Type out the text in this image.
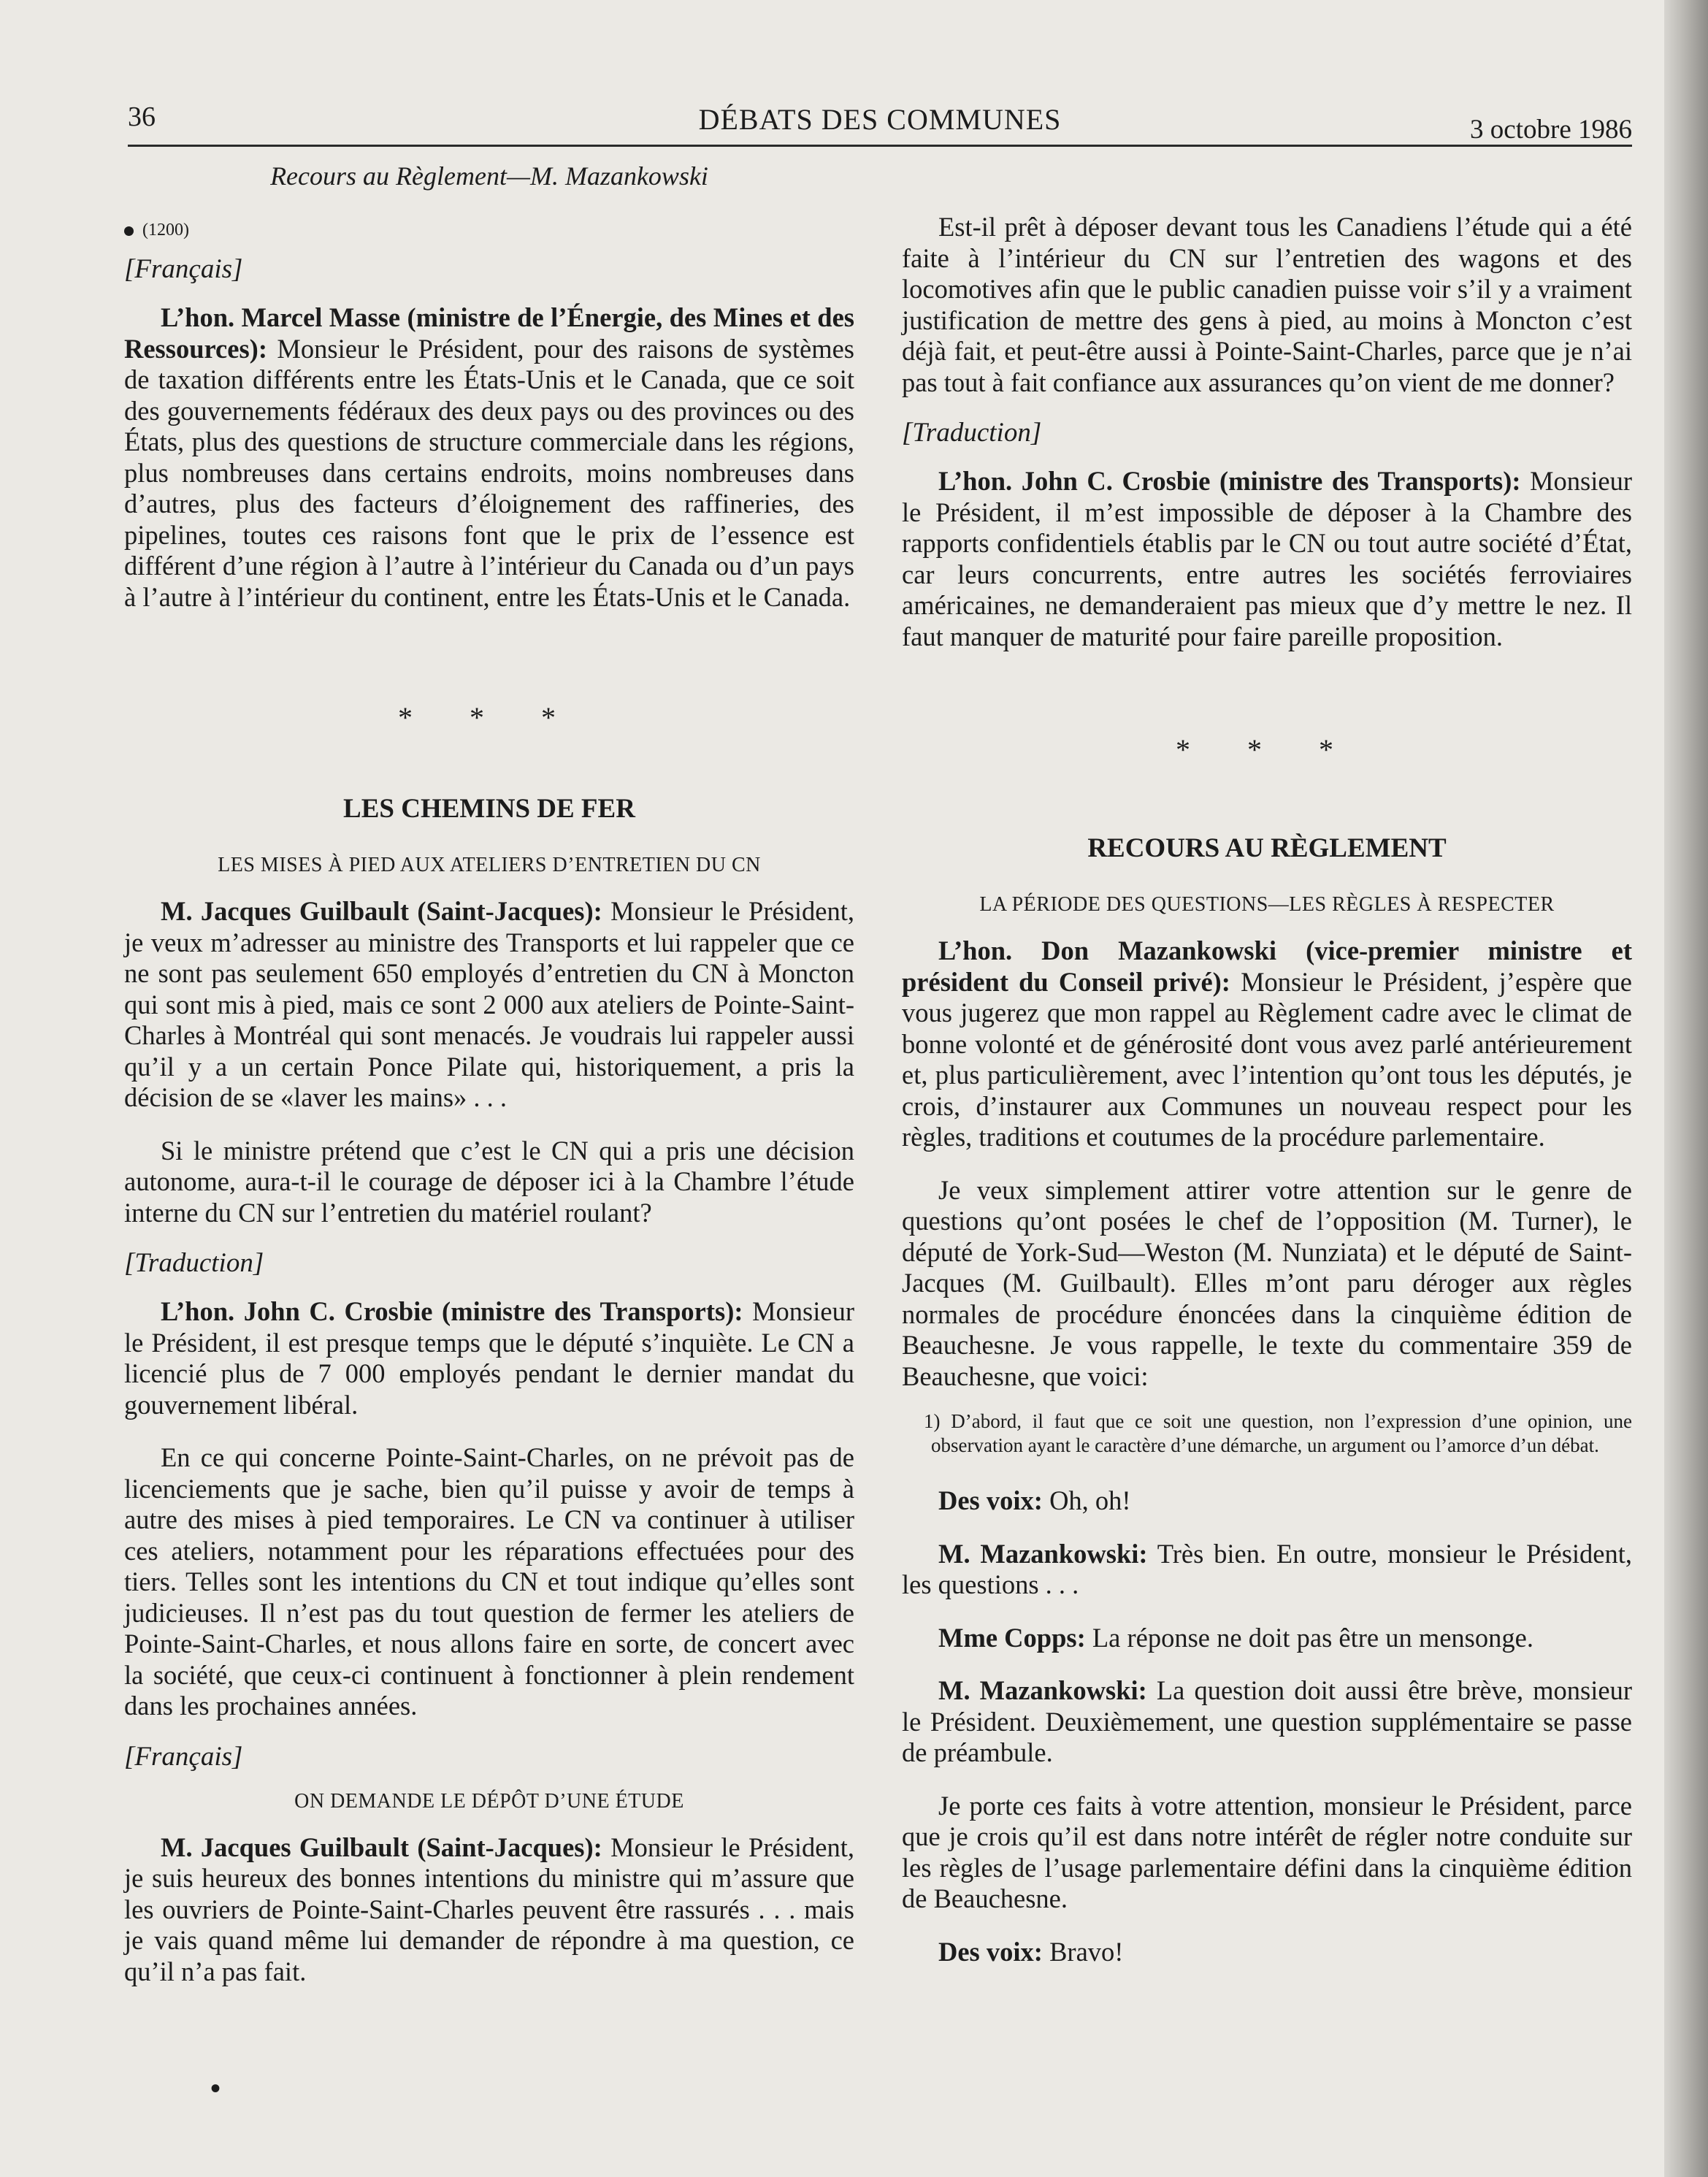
36	DÉBATS DES COMMUNES	3 octobre 1986
Recours au Règlement—M. Mazankowski
(1200)
[Français]

L’hon. Marcel Masse (ministre de l’Énergie, des Mines et des Ressources): Monsieur le Président, pour des raisons de systèmes de taxation différents entre les États-Unis et le Canada, que ce soit des gouvernements fédéraux des deux pays ou des provinces ou des États, plus des questions de structure commerciale dans les régions, plus nombreuses dans certains endroits, moins nombreuses dans d’autres, plus des facteurs d’éloignement des raffineries, des pipelines, toutes ces raisons font que le prix de l’essence est différent d’une région à l’autre à l’intérieur du Canada ou d’un pays à l’autre à l’intérieur du continent, entre les États-Unis et le Canada.

* * *
LES CHEMINS DE FER
LES MISES À PIED AUX ATELIERS D’ENTRETIEN DU CN

M. Jacques Guilbault (Saint-Jacques): Monsieur le Président, je veux m’adresser au ministre des Transports et lui rappeler que ce ne sont pas seulement 650 employés d’entretien du CN à Moncton qui sont mis à pied, mais ce sont 2 000 aux ateliers de Pointe-Saint-Charles à Montréal qui sont menacés. Je voudrais lui rappeler aussi qu’il y a un certain Ponce Pilate qui, historiquement, a pris la décision de se «laver les mains» . . .

Si le ministre prétend que c’est le CN qui a pris une décision autonome, aura-t-il le courage de déposer ici à la Chambre l’étude interne du CN sur l’entretien du matériel roulant?

[Traduction]

L’hon. John C. Crosbie (ministre des Transports): Monsieur le Président, il est presque temps que le député s’inquiète. Le CN a licencié plus de 7 000 employés pendant le dernier mandat du gouvernement libéral.

En ce qui concerne Pointe-Saint-Charles, on ne prévoit pas de licenciements que je sache, bien qu’il puisse y avoir de temps à autre des mises à pied temporaires. Le CN va continuer à utiliser ces ateliers, notamment pour les réparations effectuées pour des tiers. Telles sont les intentions du CN et tout indique qu’elles sont judicieuses. Il n’est pas du tout question de fermer les ateliers de Pointe-Saint-Charles, et nous allons faire en sorte, de concert avec la société, que ceux-ci continuent à fonctionner à plein rendement dans les prochaines années.

[Français]
ON DEMANDE LE DÉPÔT D’UNE ÉTUDE

M. Jacques Guilbault (Saint-Jacques): Monsieur le Président, je suis heureux des bonnes intentions du ministre qui m’assure que les ouvriers de Pointe-Saint-Charles peuvent être rassurés . . . mais je vais quand même lui demander de répondre à ma question, ce qu’il n’a pas fait.

Est-il prêt à déposer devant tous les Canadiens l’étude qui a été faite à l’intérieur du CN sur l’entretien des wagons et des locomotives afin que le public canadien puisse voir s’il y a vraiment justification de mettre des gens à pied, au moins à Moncton c’est déjà fait, et peut-être aussi à Pointe-Saint-Charles, parce que je n’ai pas tout à fait confiance aux assurances qu’on vient de me donner?

[Traduction]

L’hon. John C. Crosbie (ministre des Transports): Monsieur le Président, il m’est impossible de déposer à la Chambre des rapports confidentiels établis par le CN ou tout autre société d’État, car leurs concurrents, entre autres les sociétés ferroviaires américaines, ne demanderaient pas mieux que d’y mettre le nez. Il faut manquer de maturité pour faire pareille proposition.

* * *
RECOURS AU RÈGLEMENT
LA PÉRIODE DES QUESTIONS—LES RÈGLES À RESPECTER

L’hon. Don Mazankowski (vice-premier ministre et président du Conseil privé): Monsieur le Président, j’espère que vous jugerez que mon rappel au Règlement cadre avec le climat de bonne volonté et de générosité dont vous avez parlé antérieurement et, plus particulièrement, avec l’intention qu’ont tous les députés, je crois, d’instaurer aux Communes un nouveau respect pour les règles, traditions et coutumes de la procédure parlementaire.

Je veux simplement attirer votre attention sur le genre de questions qu’ont posées le chef de l’opposition (M. Turner), le député de York-Sud—Weston (M. Nunziata) et le député de Saint-Jacques (M. Guilbault). Elles m’ont paru déroger aux règles normales de procédure énoncées dans la cinquième édition de Beauchesne. Je vous rappelle, le texte du commentaire 359 de Beauchesne, que voici:

1) D’abord, il faut que ce soit une question, non l’expression d’une opinion, une observation ayant le caractère d’une démarche, un argument ou l’amorce d’un débat.

Des voix: Oh, oh!

M. Mazankowski: Très bien. En outre, monsieur le Président, les questions . . .

Mme Copps: La réponse ne doit pas être un mensonge.

M. Mazankowski: La question doit aussi être brève, monsieur le Président. Deuxièmement, une question supplémentaire se passe de préambule.

Je porte ces faits à votre attention, monsieur le Président, parce que je crois qu’il est dans notre intérêt de régler notre conduite sur les règles de l’usage parlementaire défini dans la cinquième édition de Beauchesne.

Des voix: Bravo!

•
